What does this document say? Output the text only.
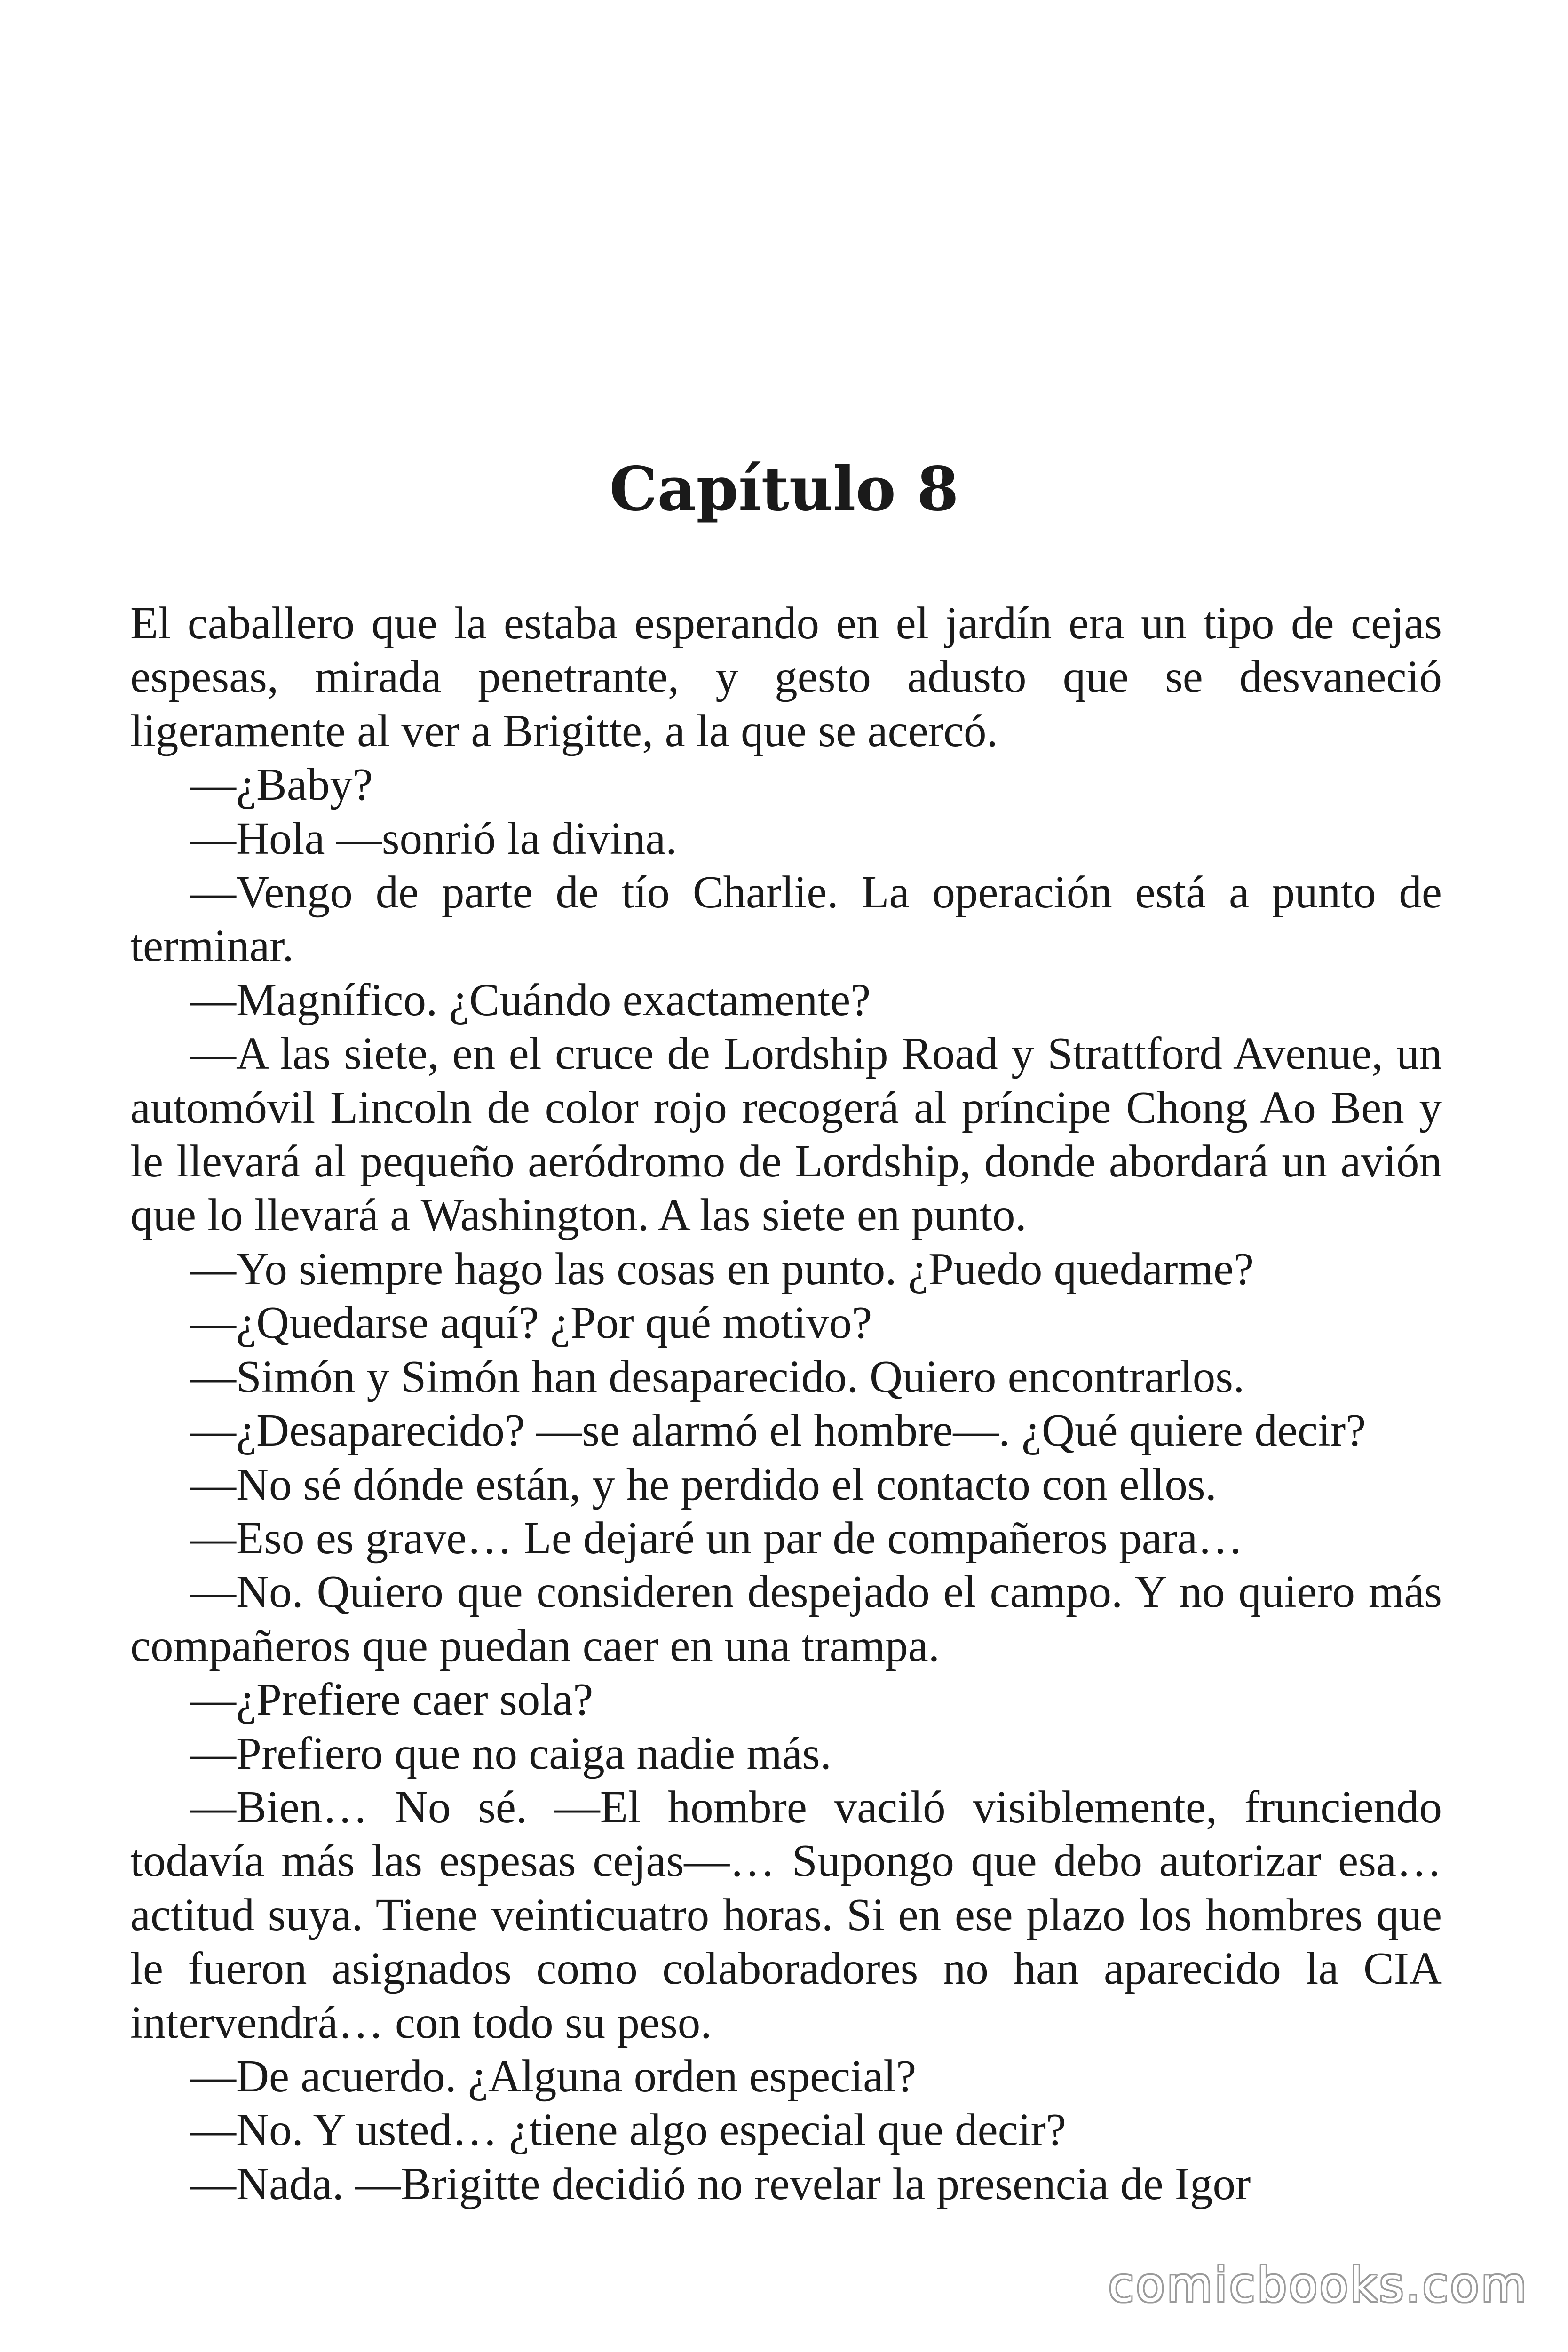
Capítulo 8

El caballero que la estaba esperando en el jardín era un tipo de cejas espesas, mirada penetrante, y gesto adusto que se desvaneció ligeramente al ver a Brigitte, a la que se acercó.

—¿Baby?

—Hola —sonrió la divina.

—Vengo de parte de tío Charlie. La operación está a punto de terminar.

—Magnífico. ¿Cuándo exactamente?

—A las siete, en el cruce de Lordship Road y Strattford Avenue, un automóvil Lincoln de color rojo recogerá al príncipe Chong Ao Ben y le llevará al pequeño aeródromo de Lordship, donde abordará un avión que lo llevará a Washington. A las siete en punto.

—Yo siempre hago las cosas en punto. ¿Puedo quedarme?

—¿Quedarse aquí? ¿Por qué motivo?

—Simón y Simón han desaparecido. Quiero encontrarlos.

—¿Desaparecido? —se alarmó el hombre—. ¿Qué quiere decir?

—No sé dónde están, y he perdido el contacto con ellos.

—Eso es grave… Le dejaré un par de compañeros para…

—No. Quiero que consideren despejado el campo. Y no quiero más compañeros que puedan caer en una trampa.

—¿Prefiere caer sola?

—Prefiero que no caiga nadie más.

—Bien… No sé. —El hombre vaciló visiblemente, frunciendo todavía más las espesas cejas—… Supongo que debo autorizar esa… actitud suya. Tiene veinticuatro horas. Si en ese plazo los hombres que le fueron asignados como colaboradores no han aparecido la CIA intervendrá… con todo su peso.

—De acuerdo. ¿Alguna orden especial?

—No. Y usted… ¿tiene algo especial que decir?

—Nada. —Brigitte decidió no revelar la presencia de Igor

comicbooks.com
